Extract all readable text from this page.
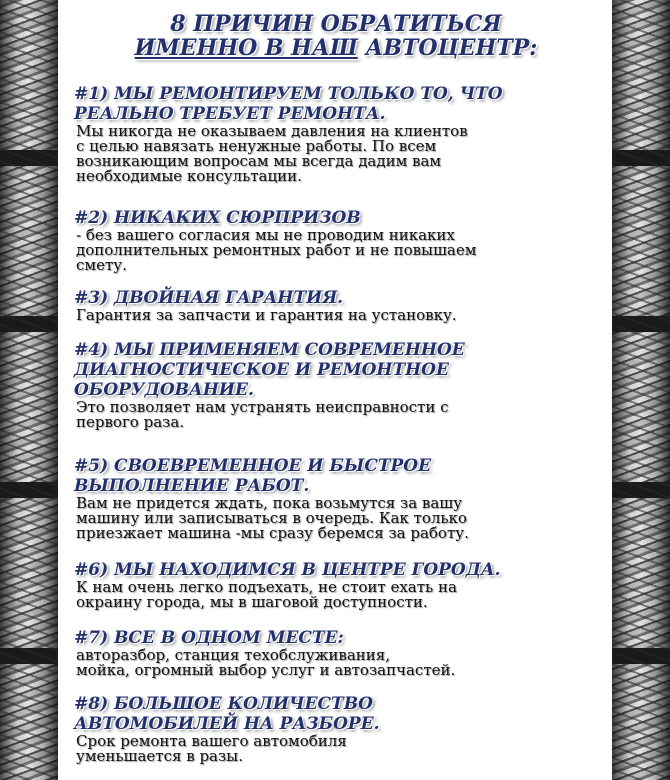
8 ПРИЧИН ОБРАТИТЬСЯ
ИМЕННО В НАШ АВТОЦЕНТР:
#1) МЫ РЕМОНТИРУЕМ ТОЛЬКО ТО, ЧТО
РЕАЛЬНО ТРЕБУЕТ РЕМОНТА.
Мы никогда не оказываем давления на клиентов
с целью навязать ненужные работы. По всем
возникающим вопросам мы всегда дадим вам
необходимые консультации.
#2) НИКАКИХ СЮРПРИЗОВ
- без вашего согласия мы не проводим никаких
дополнительных ремонтных работ и не повышаем
смету.
#3) ДВОЙНАЯ ГАРАНТИЯ.
Гарантия за запчасти и гарантия на установку.
#4) МЫ ПРИМЕНЯЕМ СОВРЕМЕННОЕ
ДИАГНОСТИЧЕСКОЕ И РЕМОНТНОЕ
ОБОРУДОВАНИЕ.
Это позволяет нам устранять неисправности с
первого раза.
#5) СВОЕВРЕМЕННОЕ И БЫСТРОЕ
ВЫПОЛНЕНИЕ РАБОТ.
Вам не придется ждать, пока возьмутся за вашу
машину или записываться в очередь. Как только
приезжает машина -мы сразу беремся за работу.
#6) МЫ НАХОДИМСЯ В ЦЕНТРЕ ГОРОДА.
К нам очень легко подъехать, не стоит ехать на
окраину города, мы в шаговой доступности.
#7) ВСЕ В ОДНОМ МЕСТЕ:
авторазбор, станция техобслуживания,
мойка, огромный выбор услуг и автозапчастей.
#8) БОЛЬШОЕ КОЛИЧЕСТВО
АВТОМОБИЛЕЙ НА РАЗБОРЕ.
Срок ремонта вашего автомобиля
уменьшается в разы.
